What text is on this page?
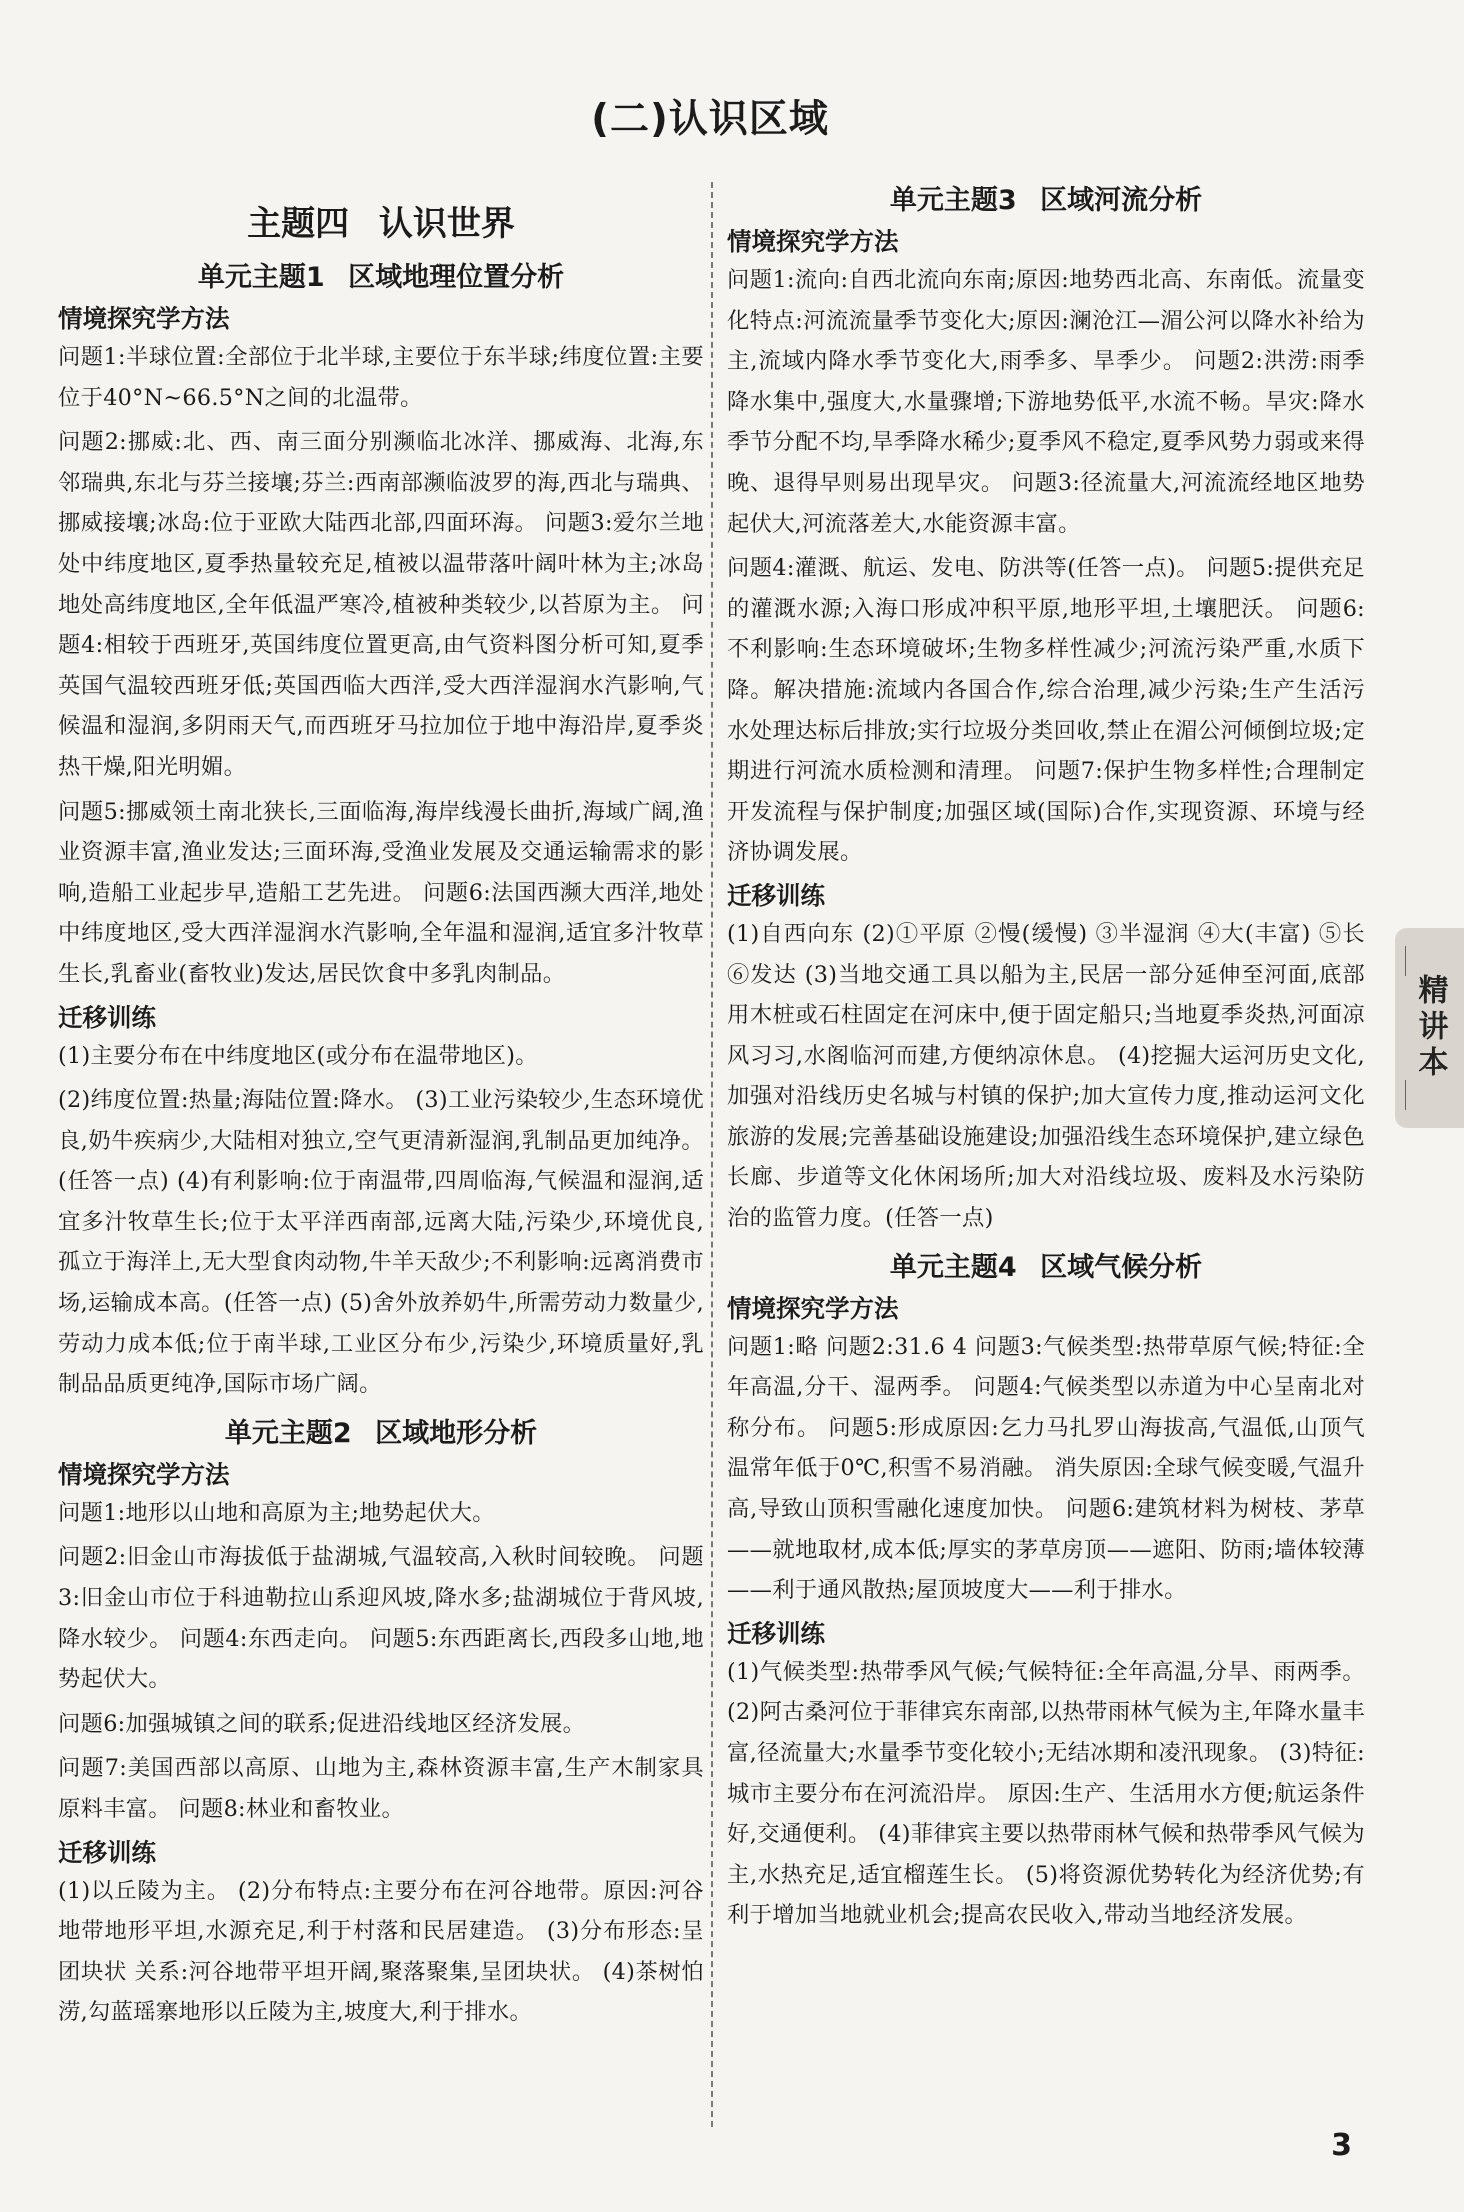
(二)认识区域
主题四 认识世界
单元主题1 区域地理位置分析
情境探究学方法

问题1:半球位置:全部位于北半球,主要位于东半球;纬度位置:主要位于40°N~66.5°N之间的北温带。

问题2:挪威:北、西、南三面分别濒临北冰洋、挪威海、北海,东邻瑞典,东北与芬兰接壤;芬兰:西南部濒临波罗的海,西北与瑞典、挪威接壤;冰岛:位于亚欧大陆西北部,四面环海。 问题3:爱尔兰地处中纬度地区,夏季热量较充足,植被以温带落叶阔叶林为主;冰岛地处高纬度地区,全年低温严寒冷,植被种类较少,以苔原为主。 问题4:相较于西班牙,英国纬度位置更高,由气资料图分析可知,夏季英国气温较西班牙低;英国西临大西洋,受大西洋湿润水汽影响,气候温和湿润,多阴雨天气,而西班牙马拉加位于地中海沿岸,夏季炎热干燥,阳光明媚。

问题5:挪威领土南北狭长,三面临海,海岸线漫长曲折,海域广阔,渔业资源丰富,渔业发达;三面环海,受渔业发展及交通运输需求的影响,造船工业起步早,造船工艺先进。 问题6:法国西濒大西洋,地处中纬度地区,受大西洋湿润水汽影响,全年温和湿润,适宜多汁牧草生长,乳畜业(畜牧业)发达,居民饮食中多乳肉制品。

迁移训练

(1)主要分布在中纬度地区(或分布在温带地区)。

(2)纬度位置:热量;海陆位置:降水。 (3)工业污染较少,生态环境优良,奶牛疾病少,大陆相对独立,空气更清新湿润,乳制品更加纯净。(任答一点) (4)有利影响:位于南温带,四周临海,气候温和湿润,适宜多汁牧草生长;位于太平洋西南部,远离大陆,污染少,环境优良,孤立于海洋上,无大型食肉动物,牛羊天敌少;不利影响:远离消费市场,运输成本高。(任答一点) (5)舍外放养奶牛,所需劳动力数量少,劳动力成本低;位于南半球,工业区分布少,污染少,环境质量好,乳制品品质更纯净,国际市场广阔。

单元主题2 区域地形分析
情境探究学方法

问题1:地形以山地和高原为主;地势起伏大。

问题2:旧金山市海拔低于盐湖城,气温较高,入秋时间较晚。 问题3:旧金山市位于科迪勒拉山系迎风坡,降水多;盐湖城位于背风坡,降水较少。 问题4:东西走向。 问题5:东西距离长,西段多山地,地势起伏大。

问题6:加强城镇之间的联系;促进沿线地区经济发展。

问题7:美国西部以高原、山地为主,森林资源丰富,生产木制家具原料丰富。 问题8:林业和畜牧业。

迁移训练

(1)以丘陵为主。 (2)分布特点:主要分布在河谷地带。原因:河谷地带地形平坦,水源充足,利于村落和民居建造。 (3)分布形态:呈团块状 关系:河谷地带平坦开阔,聚落聚集,呈团块状。 (4)茶树怕涝,勾蓝瑶寨地形以丘陵为主,坡度大,利于排水。

单元主题3 区域河流分析
情境探究学方法

问题1:流向:自西北流向东南;原因:地势西北高、东南低。流量变化特点:河流流量季节变化大;原因:澜沧江—湄公河以降水补给为主,流域内降水季节变化大,雨季多、旱季少。 问题2:洪涝:雨季降水集中,强度大,水量骤增;下游地势低平,水流不畅。旱灾:降水季节分配不均,旱季降水稀少;夏季风不稳定,夏季风势力弱或来得晚、退得早则易出现旱灾。 问题3:径流量大,河流流经地区地势起伏大,河流落差大,水能资源丰富。

问题4:灌溉、航运、发电、防洪等(任答一点)。 问题5:提供充足的灌溉水源;入海口形成冲积平原,地形平坦,土壤肥沃。 问题6:不利影响:生态环境破坏;生物多样性减少;河流污染严重,水质下降。解决措施:流域内各国合作,综合治理,减少污染;生产生活污水处理达标后排放;实行垃圾分类回收,禁止在湄公河倾倒垃圾;定期进行河流水质检测和清理。 问题7:保护生物多样性;合理制定开发流程与保护制度;加强区域(国际)合作,实现资源、环境与经济协调发展。

迁移训练

(1)自西向东 (2)①平原 ②慢(缓慢) ③半湿润 ④大(丰富) ⑤长 ⑥发达 (3)当地交通工具以船为主,民居一部分延伸至河面,底部用木桩或石柱固定在河床中,便于固定船只;当地夏季炎热,河面凉风习习,水阁临河而建,方便纳凉休息。 (4)挖掘大运河历史文化,加强对沿线历史名城与村镇的保护;加大宣传力度,推动运河文化旅游的发展;完善基础设施建设;加强沿线生态环境保护,建立绿色长廊、步道等文化休闲场所;加大对沿线垃圾、废料及水污染防治的监管力度。(任答一点)

单元主题4 区域气候分析
情境探究学方法

问题1:略 问题2:31.6 4 问题3:气候类型:热带草原气候;特征:全年高温,分干、湿两季。 问题4:气候类型以赤道为中心呈南北对称分布。 问题5:形成原因:乞力马扎罗山海拔高,气温低,山顶气温常年低于0℃,积雪不易消融。 消失原因:全球气候变暖,气温升高,导致山顶积雪融化速度加快。 问题6:建筑材料为树枝、茅草——就地取材,成本低;厚实的茅草房顶——遮阳、防雨;墙体较薄——利于通风散热;屋顶坡度大——利于排水。

迁移训练

(1)气候类型:热带季风气候;气候特征:全年高温,分旱、雨两季。 (2)阿古桑河位于菲律宾东南部,以热带雨林气候为主,年降水量丰富,径流量大;水量季节变化较小;无结冰期和凌汛现象。 (3)特征:城市主要分布在河流沿岸。 原因:生产、生活用水方便;航运条件好,交通便利。 (4)菲律宾主要以热带雨林气候和热带季风气候为主,水热充足,适宜榴莲生长。 (5)将资源优势转化为经济优势;有利于增加当地就业机会;提高农民收入,带动当地经济发展。

精讲本
3
